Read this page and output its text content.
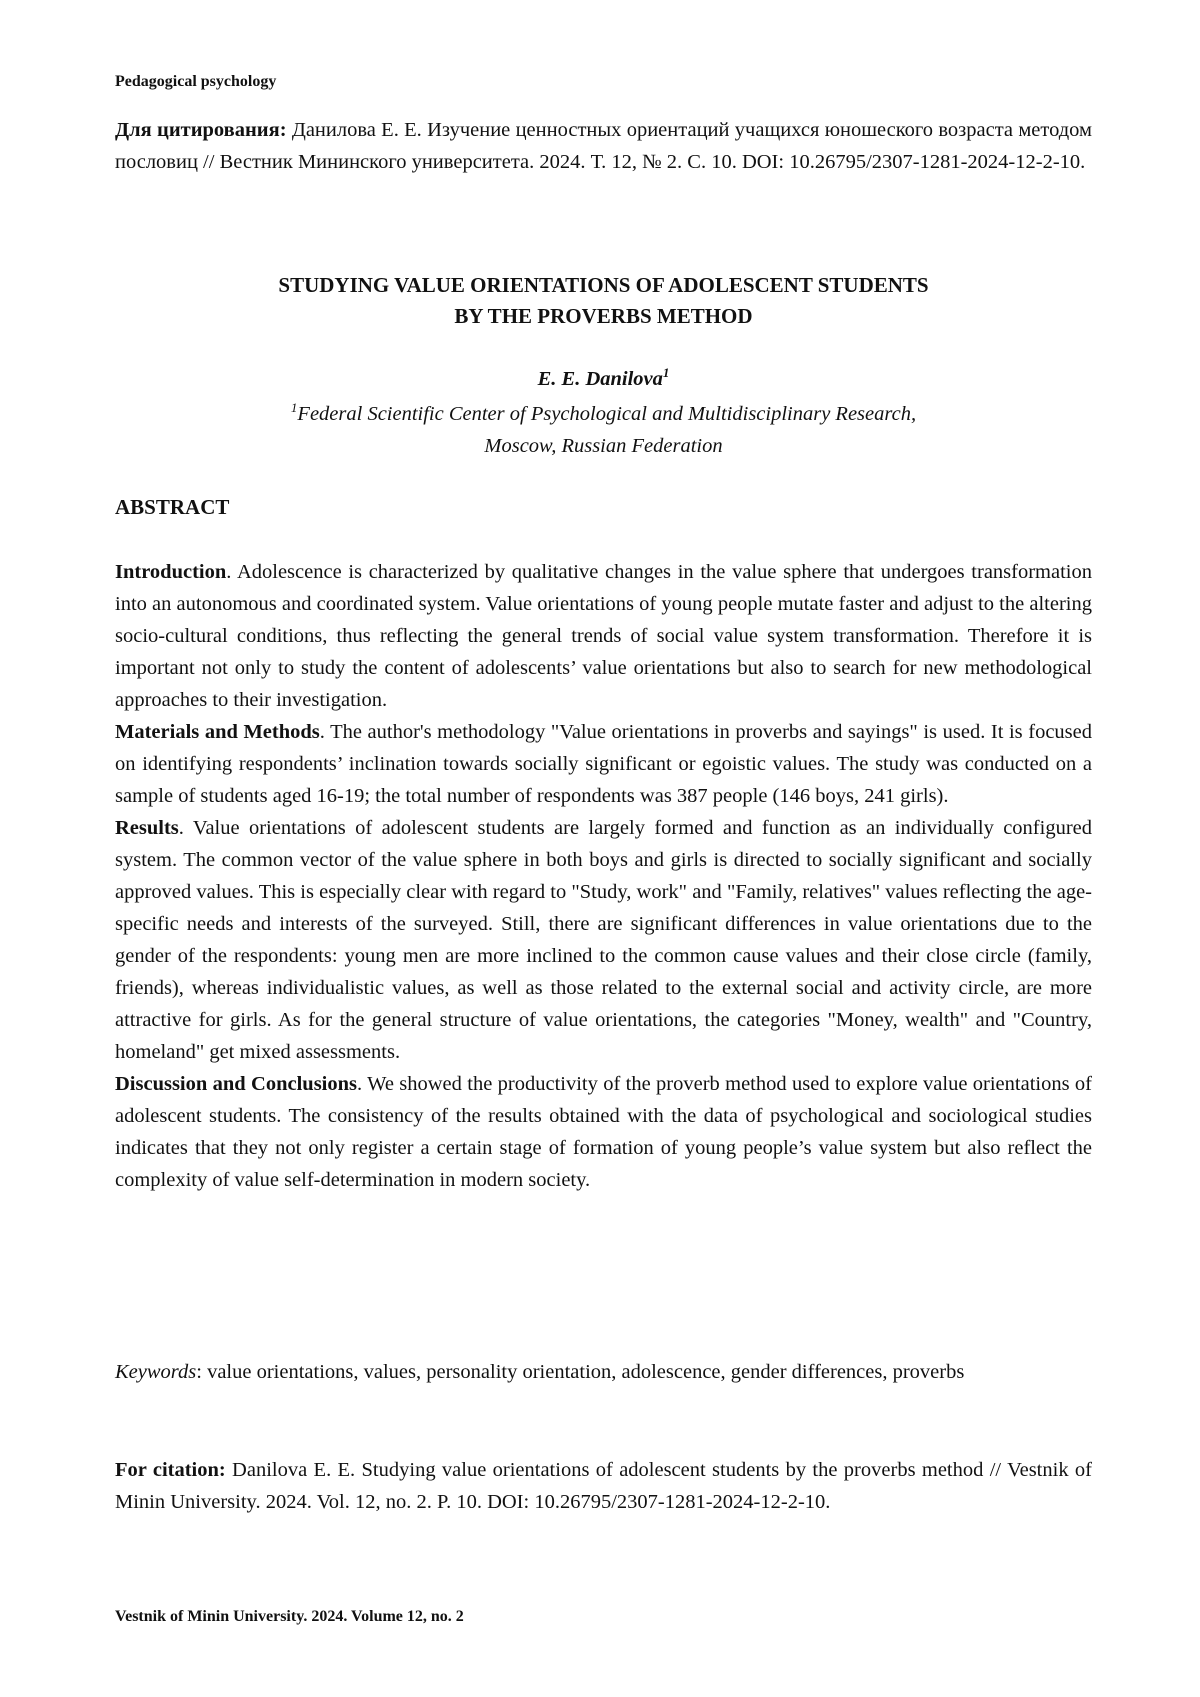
Pedagogical psychology
Для цитирования: Данилова Е. Е. Изучение ценностных ориентаций учащихся юношеского возраста методом пословиц // Вестник Мининского университета. 2024. Т. 12, № 2. С. 10. DOI: 10.26795/2307-1281-2024-12-2-10.
STUDYING VALUE ORIENTATIONS OF ADOLESCENT STUDENTS
BY THE PROVERBS METHOD
E. E. Danilova$^1$
$^1$Federal Scientific Center of Psychological and Multidisciplinary Research,
Moscow, Russian Federation
ABSTRACT

Introduction. Adolescence is characterized by qualitative changes in the value sphere that undergoes transformation into an autonomous and coordinated system. Value orientations of young people mutate faster and adjust to the altering socio-cultural conditions, thus reflecting the general trends of social value system transformation. Therefore it is important not only to study the content of adolescents’ value orientations but also to search for new methodological approaches to their investigation.

Materials and Methods. The author's methodology "Value orientations in proverbs and sayings" is used. It is focused on identifying respondents’ inclination towards socially significant or egoistic values. The study was conducted on a sample of students aged 16-19; the total number of respondents was 387 people (146 boys, 241 girls).

Results. Value orientations of adolescent students are largely formed and function as an individually configured system. The common vector of the value sphere in both boys and girls is directed to socially significant and socially approved values. This is especially clear with regard to "Study, work" and "Family, relatives" values reflecting the age-specific needs and interests of the surveyed. Still, there are significant differences in value orientations due to the gender of the respondents: young men are more inclined to the common cause values and their close circle (family, friends), whereas individualistic values, as well as those related to the external social and activity circle, are more attractive for girls. As for the general structure of value orientations, the categories "Money, wealth" and "Country, homeland" get mixed assessments.

Discussion and Conclusions. We showed the productivity of the proverb method used to explore value orientations of adolescent students. The consistency of the results obtained with the data of psychological and sociological studies indicates that they not only register a certain stage of formation of young people’s value system but also reflect the complexity of value self-determination in modern society.

Keywords: value orientations, values, personality orientation, adolescence, gender differences, proverbs
For citation: Danilova E. E. Studying value orientations of adolescent students by the proverbs method // Vestnik of Minin University. 2024. Vol. 12, no. 2. P. 10. DOI: 10.26795/2307-1281-2024-12-2-10.
Vestnik of Minin University. 2024. Volume 12, no. 2
